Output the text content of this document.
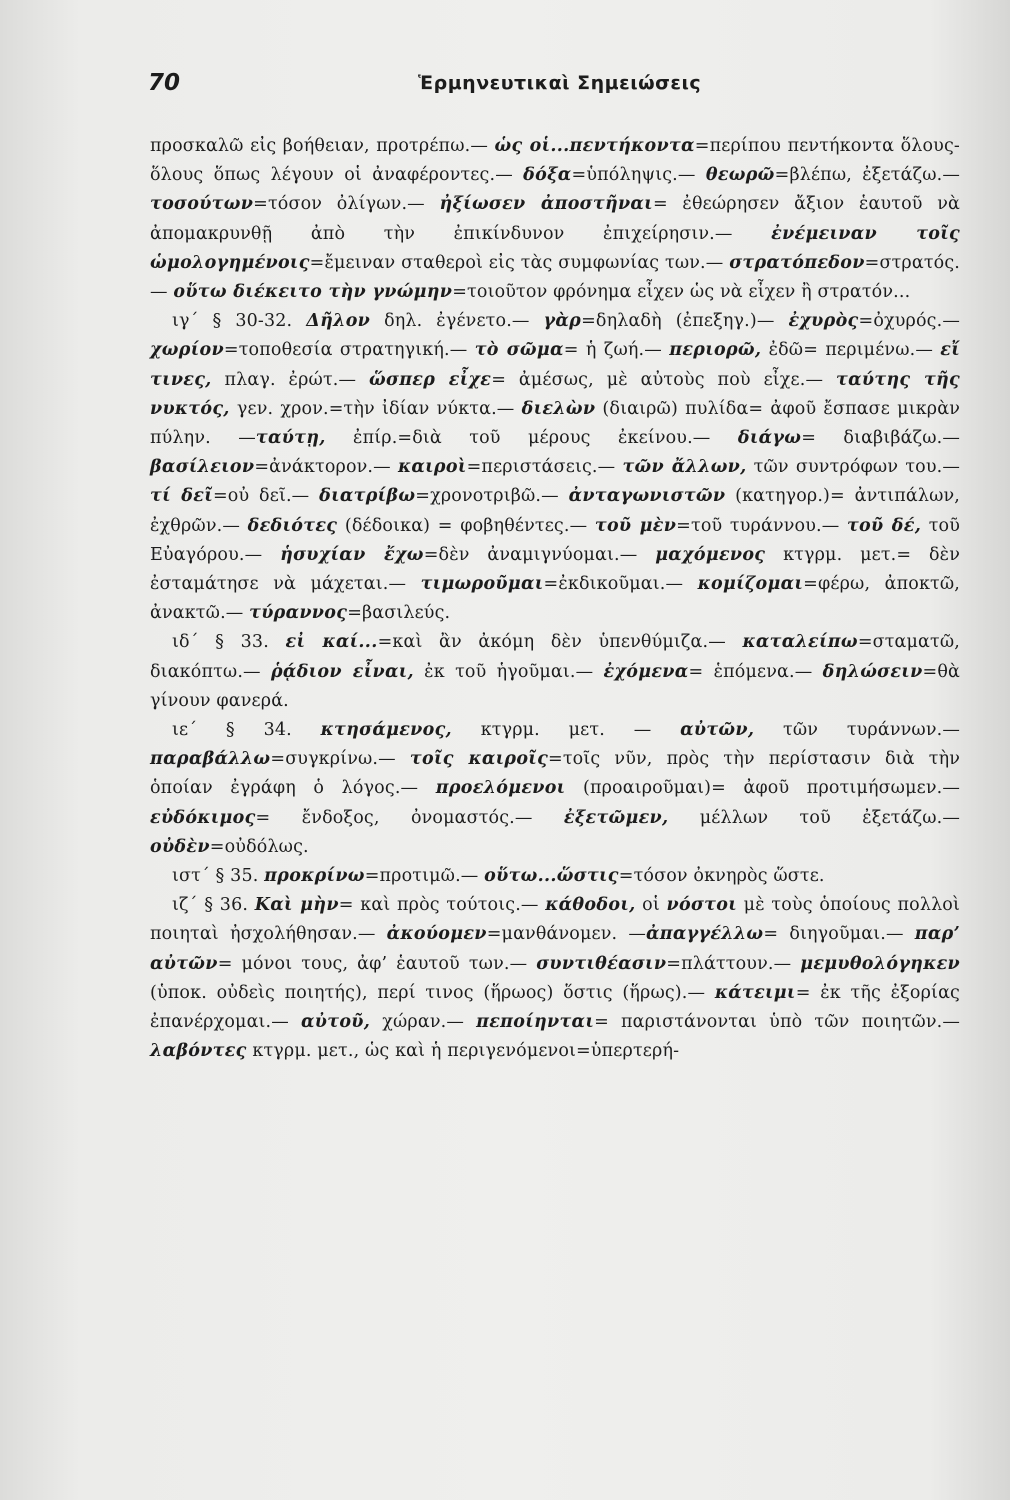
70	Ἑρμηνευτικαὶ Σημειώσεις

προσκαλῶ εἰς βοήθειαν, προτρέπω.— ὡς οἱ...πεντήκοντα=περίπου πεντήκοντα ὅλους-ὅλους ὅπως λέγουν οἱ ἀναφέροντες.— δόξα=ὑπόληψις.— θεωρῶ=βλέπω, ἐξετάζω.— τοσούτων=τόσον ὀλίγων.— ἠξίωσεν ἀποστῆναι= ἐθεώρησεν ἄξιον ἑαυτοῦ νὰ ἀπομακρυνθῇ ἀπὸ τὴν ἐπικίνδυνον ἐπιχείρησιν.— ἐνέμειναν τοῖς ὡμολογημένοις=ἔμειναν σταθεροὶ εἰς τὰς συμφωνίας των.— στρατόπεδον=στρατός.— οὕτω διέκειτο τὴν γνώμην=τοιοῦτον φρόνημα εἶχεν ὡς νὰ εἶχεν ἢ στρατόν...

ιγ´ § 30-32. Δῆλον δηλ. ἐγένετο.— γὰρ=δηλαδὴ (ἐπεξηγ.)— ἐχυρὸς=ὀχυρός.— χωρίον=τοποθεσία στρατηγική.— τὸ σῶμα= ἡ ζωή.— περιορῶ, ἐδῶ= περιμένω.— εἴ τινες, πλαγ. ἐρώτ.— ὥσπερ εἶχε= ἀμέσως, μὲ αὐτοὺς ποὺ εἶχε.— ταύτης τῆς νυκτός, γεν. χρον.=τὴν ἰδίαν νύκτα.— διελὼν (διαιρῶ) πυλίδα= ἀφοῦ ἔσπασε μικρὰν πύλην. —ταύτῃ, ἐπίρ.=διὰ τοῦ μέρους ἐκείνου.— διάγω= διαβιβάζω.— βασίλειον=ἀνάκτορον.— καιροὶ=περιστάσεις.— τῶν ἄλλων, τῶν συντρόφων του.— τί δεῖ=οὐ δεῖ.— διατρίβω=χρονοτριβῶ.— ἀνταγωνιστῶν (κατηγορ.)= ἀντιπάλων, ἐχθρῶν.— δεδιότες (δέδοικα) = φοβηθέντες.— τοῦ μὲν=τοῦ τυράννου.— τοῦ δέ, τοῦ Εὐαγόρου.— ἡσυχίαν ἔχω=δὲν ἀναμιγνύομαι.— μαχόμενος κτγρμ. μετ.= δὲν ἐσταμάτησε νὰ μάχεται.— τιμωροῦμαι=ἐκδικοῦμαι.— κομίζομαι=φέρω, ἀποκτῶ, ἀνακτῶ.— τύραννος=βασιλεύς.

ιδ´ § 33. εἰ καί...=καὶ ἂν ἀκόμη δὲν ὑπενθύμιζα.— καταλείπω=σταματῶ, διακόπτω.— ῥᾴδιον εἶναι, ἐκ τοῦ ἡγοῦμαι.— ἐχόμενα= ἑπόμενα.— δηλώσειν=θὰ γίνουν φανερά.

ιε´ § 34. κτησάμενος, κτγρμ. μετ. — αὐτῶν, τῶν τυράννων.— παραβάλλω=συγκρίνω.— τοῖς καιροῖς=τοῖς νῦν, πρὸς τὴν περίστασιν διὰ τὴν ὁποίαν ἐγράφη ὁ λόγος.— προελόμενοι (προαιροῦμαι)= ἀφοῦ προτιμήσωμεν.— εὐδόκιμος= ἔνδοξος, ὀνομαστός.— ἐξετῶμεν, μέλλων τοῦ ἐξετάζω.— οὐδὲν=οὐδόλως.

ιστ´ § 35. προκρίνω=προτιμῶ.— οὕτω...ὥστις=τόσον ὀκνηρὸς ὥστε.

ιζ´ § 36. Καὶ μὴν= καὶ πρὸς τούτοις.— κάθοδοι, οἱ νόστοι μὲ τοὺς ὁποίους πολλοὶ ποιηταὶ ἠσχολήθησαν.— ἀκούομεν=μανθάνομεν. —ἀπαγγέλλω= διηγοῦμαι.— παρ’ αὐτῶν= μόνοι τους, ἀφ’ ἑαυτοῦ των.— συντιθέασιν=πλάττουν.— μεμυθολόγηκεν (ὑποκ. οὐδεὶς ποιητής), περί τινος (ἥρωος) ὅστις (ἥρως).— κάτειμι= ἐκ τῆς ἐξορίας ἐπανέρχομαι.— αὐτοῦ, χώραν.— πεποίηνται= παριστάνονται ὑπὸ τῶν ποιητῶν.— λαβόντες κτγρμ. μετ., ὡς καὶ ἡ περιγενόμενοι=ὑπερτερή-
